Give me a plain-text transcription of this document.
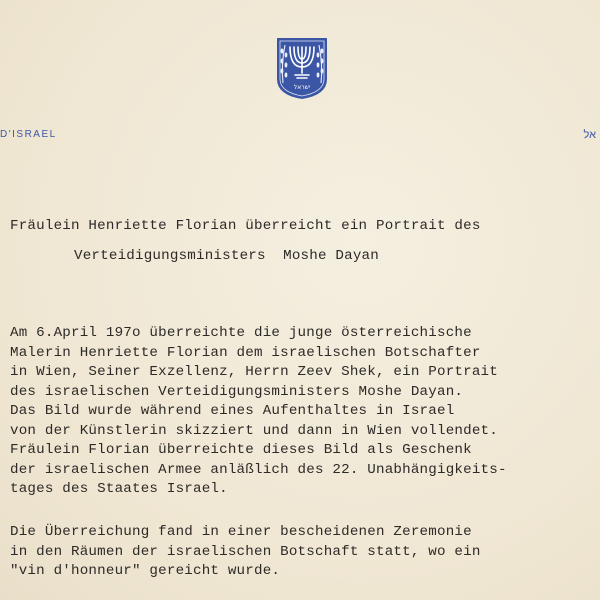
ישראל
D'ISRAEL	אל
Fräulein Henriette Florian überreicht ein Portrait des
Verteidigungsministers  Moshe Dayan
Am 6.April 197o überreichte die junge österreichische
Malerin Henriette Florian dem israelischen Botschafter
in Wien, Seiner Exzellenz, Herrn Zeev Shek, ein Portrait
des israelischen Verteidigungsministers Moshe Dayan.
Das Bild wurde während eines Aufenthaltes in Israel
von der Künstlerin skizziert und dann in Wien vollendet.
Fräulein Florian überreichte dieses Bild als Geschenk
der israelischen Armee anläßlich des 22. Unabhängigkeits-
tages des Staates Israel.
Die Überreichung fand in einer bescheidenen Zeremonie
in den Räumen der israelischen Botschaft statt, wo ein
"vin d'honneur" gereicht wurde.
